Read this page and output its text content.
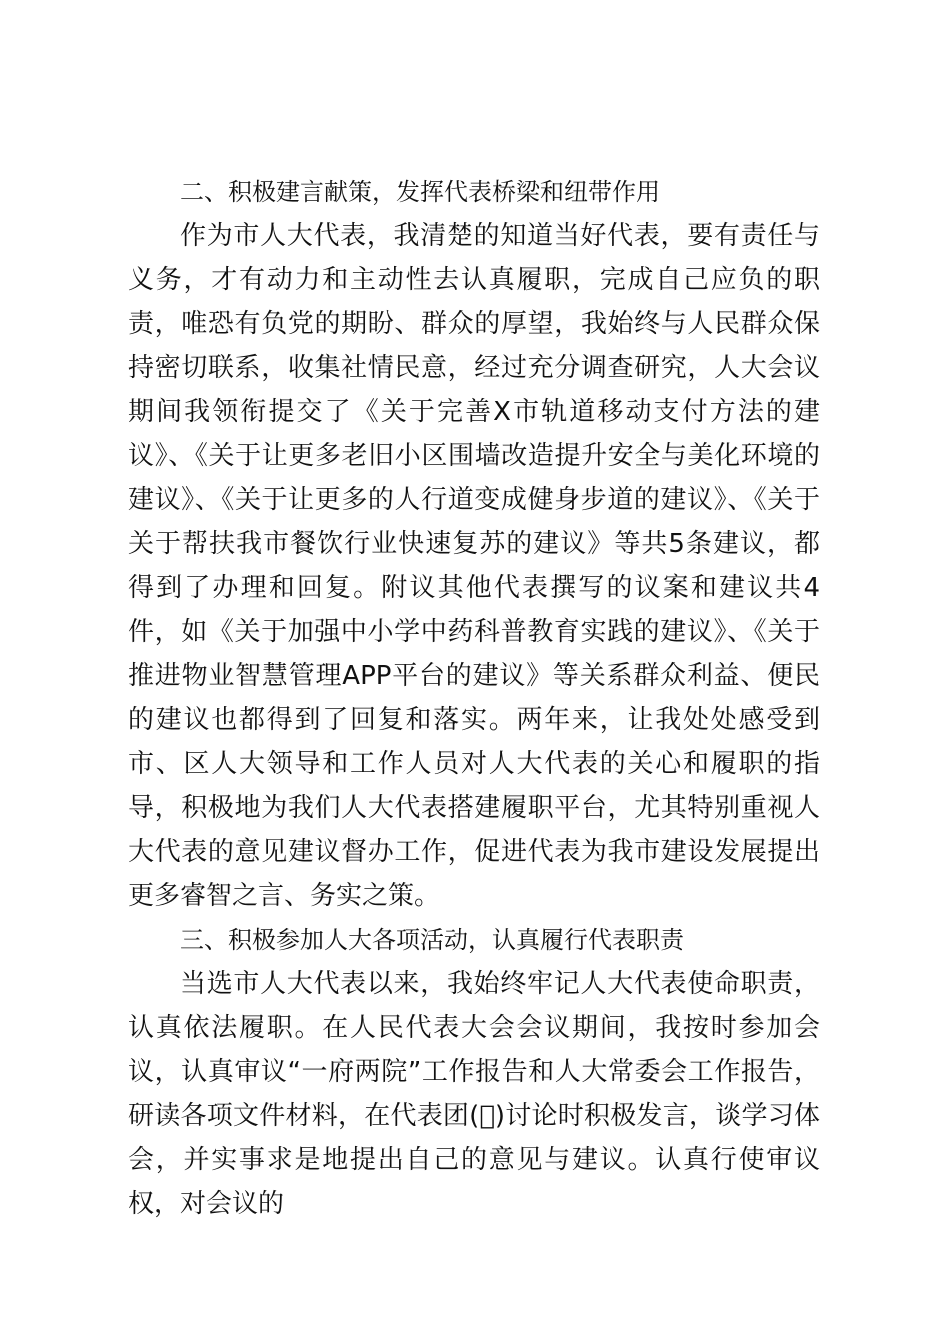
二、积极建言献策，发挥代表桥梁和纽带作用

作为市人大代表，我清楚的知道当好代表，要有责任与义务，才有动力和主动性去认真履职，完成自己应负的职责，唯恐有负党的期盼、群众的厚望，我始终与人民群众保持密切联系，收集社情民意，经过充分调查研究，人大会议期间我领衔提交了《关于完善X市轨道移动支付方法的建议》、《关于让更多老旧小区围墙改造提升安全与美化环境的建议》、《关于让更多的人行道变成健身步道的建议》、《关于关于帮扶我市餐饮行业快速复苏的建议》等共5条建议，都得到了办理和回复。附议其他代表撰写的议案和建议共4件，如《关于加强中小学中药科普教育实践的建议》、《关于推进物业智慧管理APP平台的建议》等关系群众利益、便民的建议也都得到了回复和落实。两年来，让我处处感受到市、区人大领导和工作人员对人大代表的关心和履职的指导，积极地为我们人大代表搭建履职平台，尤其特别重视人大代表的意见建议督办工作，促进代表为我市建设发展提出更多睿智之言、务实之策。

三、积极参加人大各项活动，认真履行代表职责

当选市人大代表以来，我始终牢记人大代表使命职责，认真依法履职。在人民代表大会会议期间，我按时参加会议，认真审议“一府两院”工作报告和人大常委会工作报告，研读各项文件材料，在代表团( )讨论时积极发言，谈学习体会，并实事求是地提出自己的意见与建议。认真行使审议权，对会议的
